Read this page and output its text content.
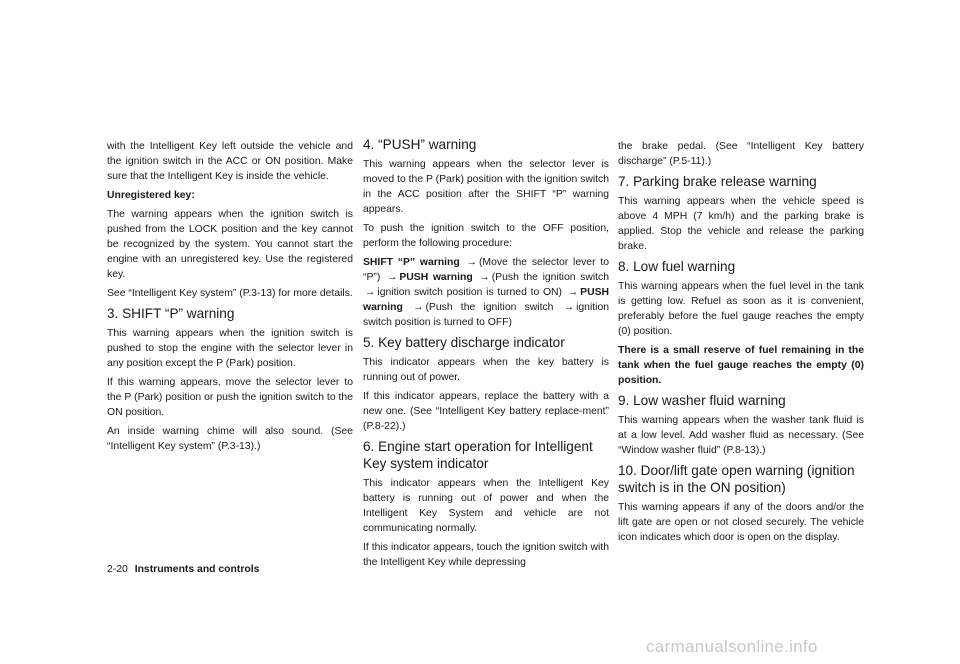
with the Intelligent Key left outside the vehicle and the ignition switch in the ACC or ON position. Make sure that the Intelligent Key is inside the vehicle.

Unregistered key:

The warning appears when the ignition switch is pushed from the LOCK position and the key cannot be recognized by the system. You cannot start the engine with an unregistered key. Use the registered key.

See “Intelligent Key system” (P.3-13) for more details.

3. SHIFT “P” warning

This warning appears when the ignition switch is pushed to stop the engine with the selector lever in any position except the P (Park) position.

If this warning appears, move the selector lever to the P (Park) position or push the ignition switch to the ON position.

An inside warning chime will also sound. (See “Intelligent Key system” (P.3-13).)

4. “PUSH” warning

This warning appears when the selector lever is moved to the P (Park) position with the ignition switch in the ACC position after the SHIFT “P” warning appears.

To push the ignition switch to the OFF position, perform the following procedure:

SHIFT “P” warning → (Move the selector lever to “P”) → PUSH warning → (Push the ignition switch → ignition switch position is turned to ON) → PUSH warning → (Push the ignition switch → ignition switch position is turned to OFF)

5. Key battery discharge indicator

This indicator appears when the key battery is running out of power.

If this indicator appears, replace the battery with a new one. (See “Intelligent Key battery replace-ment” (P.8-22).)

6. Engine start operation for Intelligent Key system indicator

This indicator appears when the Intelligent Key battery is running out of power and when the Intelligent Key System and vehicle are not communicating normally.

If this indicator appears, touch the ignition switch with the Intelligent Key while depressing

the brake pedal. (See “Intelligent Key battery discharge” (P.5-11).)

7. Parking brake release warning

This warning appears when the vehicle speed is above 4 MPH (7 km/h) and the parking brake is applied. Stop the vehicle and release the parking brake.

8. Low fuel warning

This warning appears when the fuel level in the tank is getting low. Refuel as soon as it is convenient, preferably before the fuel gauge reaches the empty (0) position.

There is a small reserve of fuel remaining in the tank when the fuel gauge reaches the empty (0) position.

9. Low washer fluid warning

This warning appears when the washer tank fluid is at a low level. Add washer fluid as necessary. (See “Window washer fluid” (P.8-13).)

10. Door/lift gate open warning (ignition switch is in the ON position)

This warning appears if any of the doors and/or the lift gate are open or not closed securely. The vehicle icon indicates which door is open on the display.

2-20 Instruments and controls
carmanualsonline.info
